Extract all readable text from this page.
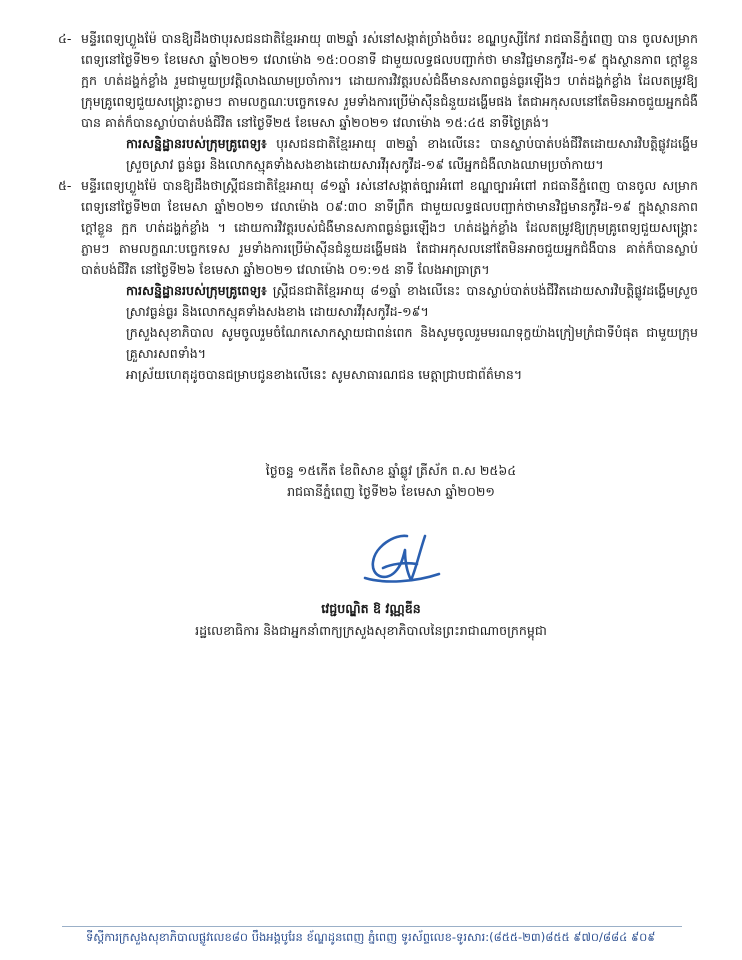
៤- មន្ទីរពេទ្យហ្លួងម៉ែ បានឱ្យដឹងថាបុរសជនជាតិខ្មែរអាយុ ៣២ឆ្នាំ រស់នៅសង្កាត់ច្រាំងចំរេះ ខណ្ឌឫស្សីកែវ រាជធានីភ្នំពេញ បាន ចូលសម្រាកពេទ្យនៅថ្ងៃទី២១ ខែមេសា ឆ្នាំ២០២១ វេលាម៉ោង ១៥:០០នាទី ជាមួយលទ្ធផលបញ្ជាក់ថា មានវិជ្ជមានកូវីដ-១៩ ក្នុងស្ថានភាព ក្ដៅខ្លួន ក្អក ហត់ដង្ហក់ខ្លាំង រួមជាមួយប្រវត្តិលាងឈាមប្រចាំការ។ ដោយការវិវត្តរបស់ជំងឺមានសភាពធ្ងន់ធ្ងរឡើងៗ ហត់ដង្ហក់ខ្លាំង ដែលតម្រូវឱ្យក្រុមគ្រូពេទ្យជួយសង្គ្រោះភ្លាមៗ តាមលក្ខណៈបច្ចេកទេស រួមទាំងការប្រើម៉ាស៊ីនជំនួយដង្ហើមផង តែជាអកុសលនៅតែមិនអាចជួយអ្នកជំងឺបាន គាត់ក៏បានស្លាប់បាត់បង់ជីវិត នៅថ្ងៃទី២៥ ខែមេសា ឆ្នាំ២០២១ វេលាម៉ោង ១៥:៤៥ នាទីថ្ងៃត្រង់។

ការសន្និដ្ឋានរបស់ក្រុមគ្រូពេទ្យ៖ បុរសជនជាតិខ្មែរអាយុ ៣២ឆ្នាំ ខាងលើនេះ បានស្លាប់បាត់បង់ជីវិតដោយសារវិបត្តិផ្លូវដង្ហើមស្រួចស្រាវ ធ្ងន់ធ្ងរ និងលោកស្មុគទាំងសងខាងដោយសារវីរុសកូវីដ-១៩ លើអ្នកជំងឺលាងឈាមប្រចាំកាយ។

៥- មន្ទីរពេទ្យហ្លួងម៉ែ បានឱ្យដឹងថាស្ត្រីជនជាតិខ្មែរអាយុ ៨១ឆ្នាំ រស់នៅសង្កាត់ច្បារអំពៅ ខណ្ឌច្បារអំពៅ រាជធានីភ្នំពេញ បានចូល សម្រាកពេទ្យនៅថ្ងៃទី២៣ ខែមេសា ឆ្នាំ២០២១ វេលាម៉ោង ០៩:៣០ នាទីព្រឹក ជាមួយលទ្ធផលបញ្ជាក់ថាមានវិជ្ជមានកូវីដ-១៩ ក្នុងស្ថានភាព ក្ដៅខ្លួន ក្អក ហត់ដង្ហក់ខ្លាំង ។ ដោយការវិវត្តរបស់ជំងឺមានសភាពធ្ងន់ធ្ងរឡើងៗ ហត់ដង្ហក់ខ្លាំង ដែលតម្រូវឱ្យក្រុមគ្រូពេទ្យជួយសង្គ្រោះភ្លាមៗ តាមលក្ខណៈបច្ចេកទេស រួមទាំងការប្រើម៉ាស៊ីនជំនួយដង្ហើមផង តែជាអកុសលនៅតែមិនអាចជួយអ្នកជំងឺបាន គាត់ក៏បានស្លាប់បាត់បង់ជីវិត នៅថ្ងៃទី២៦ ខែមេសា ឆ្នាំ២០២១ វេលាម៉ោង ០១:១៥ នាទី លែងអាធ្រាត្រ។

ការសន្និដ្ឋានរបស់ក្រុមគ្រូពេទ្យ៖ ស្ត្រីជនជាតិខ្មែរអាយុ ៨១ឆ្នាំ ខាងលើនេះ បានស្លាប់បាត់បង់ជីវិតដោយសារវិបត្តិផ្លូវដង្ហើមស្រួចស្រាវធ្ងន់ធ្ងរ និងលោកស្មុគទាំងសងខាង ដោយសារវីរុសកូវីដ-១៩។

ក្រសួងសុខាភិបាល សូមចូលរួមចំណែកសោកស្ដាយជាពន់ពេក និងសូមចូលរួមមរណទុក្ខយ៉ាងក្រៀមក្រំជាទីបំផុត ជាមួយក្រុមគ្រួសារសពទាំង។

អាស្រ័យហេតុដូចបានជម្រាបជូនខាងលើនេះ សូមសាធារណជន មេត្តាជ្រាបជាព័ត៌មាន។

ថ្ងៃចន្ទ ១៥កើត ខែពិសាខ ឆ្នាំឆ្លូវ ត្រីស័ក ព.ស ២៥៦៤
រាជធានីភ្នំពេញ ថ្ងៃទី២៦ ខែមេសា ឆ្នាំ២០២១
វេជ្ជបណ្ឌិត ឱ វណ្ណឌីន
រដ្ឋលេខាធិការ និងជាអ្នកនាំពាក្យក្រសួងសុខាភិបាលនៃព្រះរាជាណាចក្រកម្ពុជា
ទីស្ដីការក្រសួងសុខាភិបាលផ្លូវលេខ៨០ បឹងអង្គបូរែន ខ័ណ្ឌដូនពេញ ភ្នំពេញ ទូរស័ព្ទលេខ-ទូរសារ:(៨៥៥-២៣)៨៥៥ ៩៧០/៨៨៤ ៩០៩
